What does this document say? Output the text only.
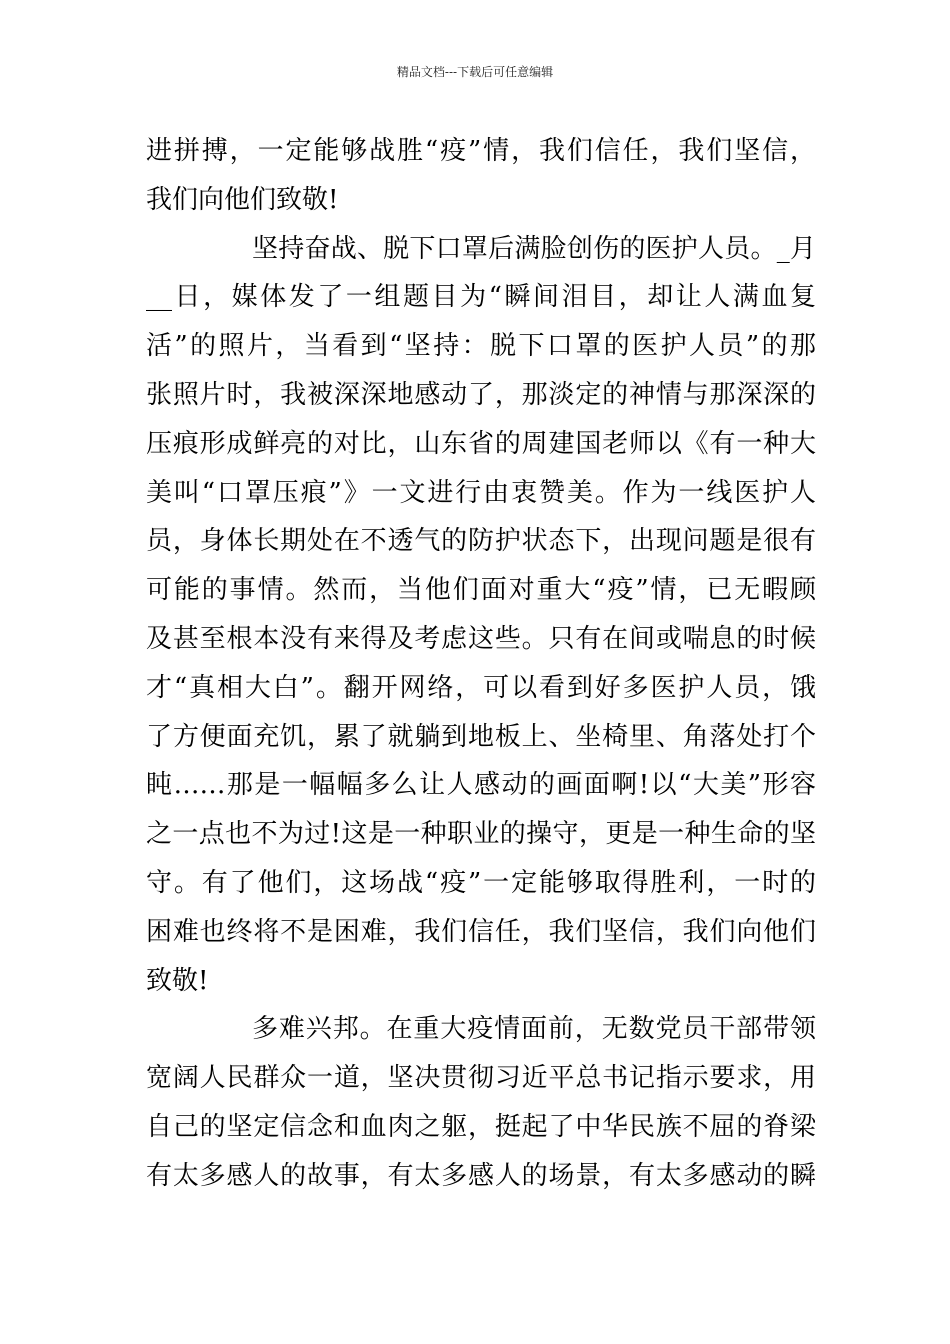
精品文档---下载后可任意编辑
进拼搏，一定能够战胜“疫”情，我们信任，我们坚信，
我们向他们致敬!
坚持奋战、脱下口罩后满脸创伤的医护人员。_月
__日，媒体发了一组题目为“瞬间泪目，却让人满血复
活”的照片，当看到“坚持：脱下口罩的医护人员”的那
张照片时，我被深深地感动了，那淡定的神情与那深深的
压痕形成鲜亮的对比，山东省的周建国老师以《有一种大
美叫“口罩压痕”》一文进行由衷赞美。作为一线医护人
员，身体长期处在不透气的防护状态下，出现问题是很有
可能的事情。然而，当他们面对重大“疫”情，已无暇顾
及甚至根本没有来得及考虑这些。只有在间或喘息的时候
才“真相大白”。翻开网络，可以看到好多医护人员，饿
了方便面充饥，累了就躺到地板上、坐椅里、角落处打个
盹……那是一幅幅多么让人感动的画面啊!以“大美”形容
之一点也不为过!这是一种职业的操守，更是一种生命的坚
守。有了他们，这场战“疫”一定能够取得胜利，一时的
困难也终将不是困难，我们信任，我们坚信，我们向他们
致敬!
多难兴邦。在重大疫情面前，无数党员干部带领
宽阔人民群众一道，坚决贯彻习近平总书记指示要求，用
自己的坚定信念和血肉之躯，挺起了中华民族不屈的脊梁
有太多感人的故事，有太多感人的场景，有太多感动的瞬
